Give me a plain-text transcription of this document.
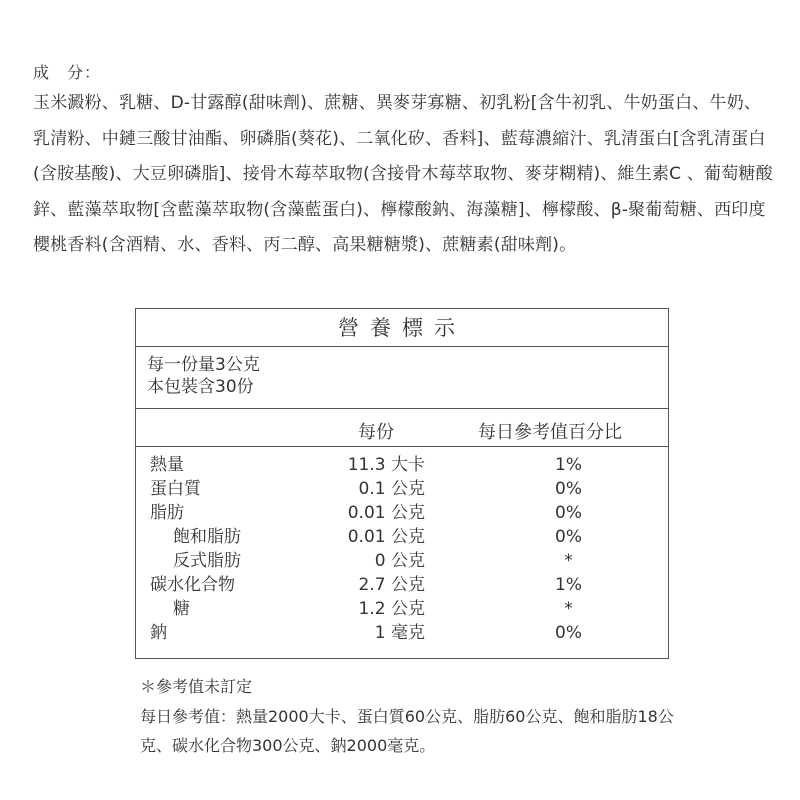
成　分：
玉米澱粉、乳糖、D-甘露醇(甜味劑)、蔗糖、異麥芽寡糖、初乳粉[含牛初乳、牛奶蛋白、牛奶、乳清粉、中鏈三酸甘油酯、卵磷脂(葵花)、二氧化矽、香料]、藍莓濃縮汁、乳清蛋白[含乳清蛋白(含胺基酸)、大豆卵磷脂]、接骨木莓萃取物(含接骨木莓萃取物、麥芽糊精)、維生素C 、葡萄糖酸鋅、藍藻萃取物[含藍藻萃取物(含藻藍蛋白)、檸檬酸鈉、海藻糖]、檸檬酸、β-聚葡萄糖、西印度櫻桃香料(含酒精、水、香料、丙二醇、高果糖糖漿)、蔗糖素(甜味劑)。
營養標示
每一份量3公克
本包裝含30份
每份	每日參考值百分比
熱量	11.3 大卡	1%
蛋白質	0.1 公克	0%
脂肪	0.01 公克	0%
飽和脂肪	0.01 公克	0%
反式脂肪	0 公克	*
碳水化合物	2.7 公克	1%
糖	1.2 公克	*
鈉	1 毫克	0%
＊參考值未訂定
每日參考值：熱量2000大卡、蛋白質60公克、脂肪60公克、飽和脂肪18公克、碳水化合物300公克、鈉2000毫克。
